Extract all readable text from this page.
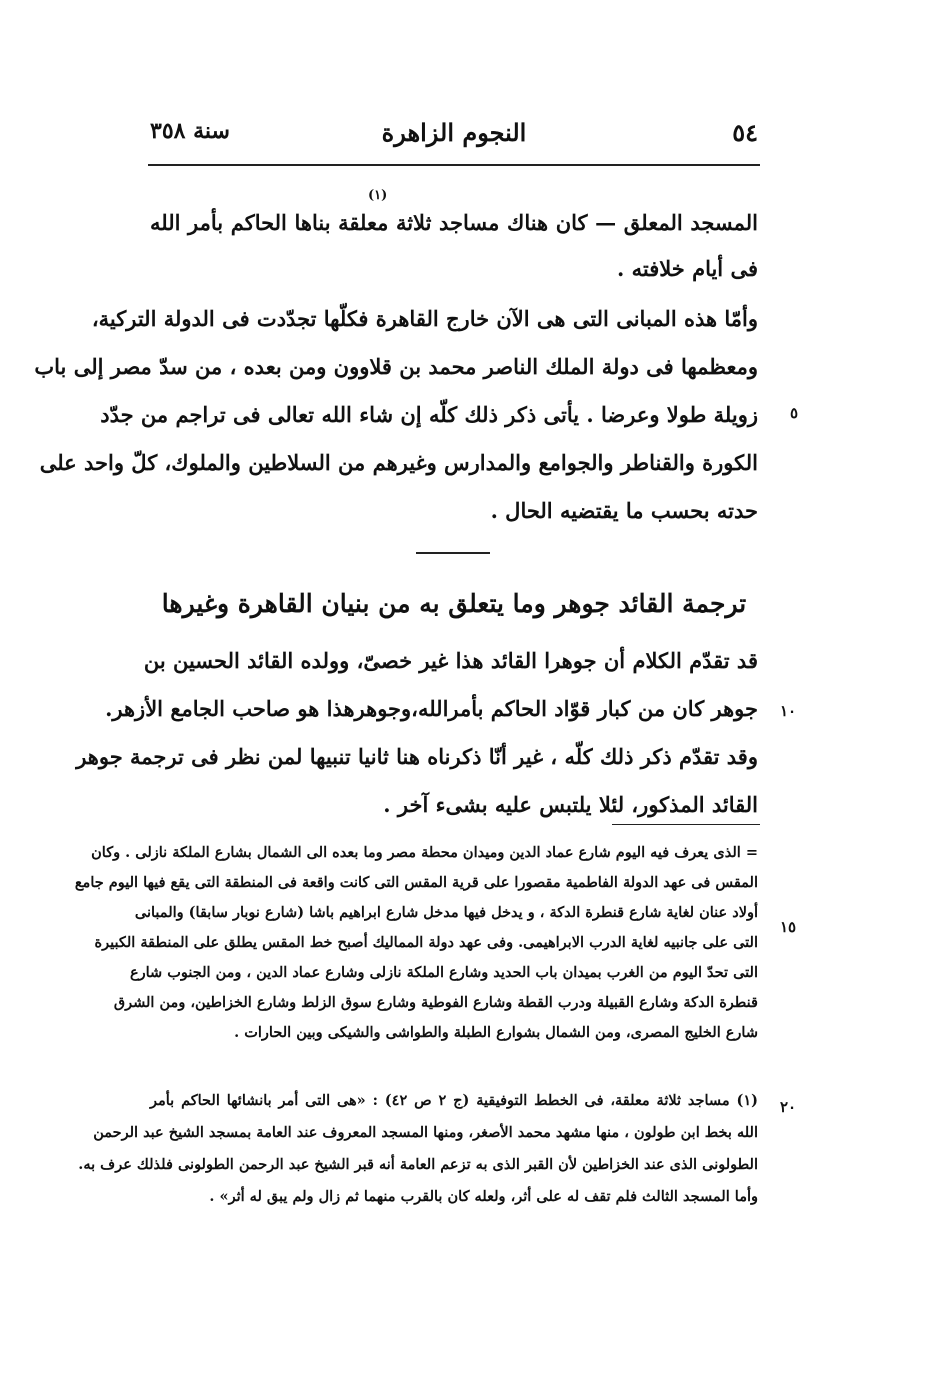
٥٤
النجوم الزاهرة
سنة ٣٥٨
(١)
المسجد المعلق — كان هناك مساجد ثلاثة معلقة بناها الحاكم بأمر الله
فى أيام خلافته .
وأمّا هذه المبانى التى هى الآن خارج القاهرة فكلّها تجدّدت فى الدولة التركية،
ومعظمها فى دولة الملك الناصر محمد بن قلاوون ومن بعده ، من سدّ مصر إلى باب
زويلة طولا وعرضا . يأتى ذكر ذلك كلّه إن شاء الله تعالى فى تراجم من جدّد
الكورة والقناطر والجوامع والمدارس وغيرهم من السلاطين والملوك، كلّ واحد على
حدته بحسب ما يقتضيه الحال .
ترجمة القائد جوهر وما يتعلق به من بنيان القاهرة وغيرها
قد تقدّم الكلام أن جوهرا القائد هذا غير خصىّ، وولده القائد الحسين بن
جوهر كان من كبار قوّاد الحاكم بأمرالله،وجوهرهذا هو صاحب الجامع الأزهر.
وقد تقدّم ذكر ذلك كلّه ، غير أنّا ذكرناه هنا ثانيا تنبيها لمن نظر فى ترجمة جوهر
القائد المذكور، لئلا يلتبس عليه بشىء آخر .
= الذى يعرف فيه اليوم شارع عماد الدين وميدان محطة مصر وما بعده الى الشمال بشارع الملكة نازلى . وكان
المقس فى عهد الدولة الفاطمية مقصورا على قرية المقس التى كانت واقعة فى المنطقة التى يقع فيها اليوم جامع
أولاد عنان لغاية شارع قنطرة الدكة ، و يدخل فيها مدخل شارع ابراهيم باشا (شارع نوبار سابقا) والمبانى
التى على جانبيه لغاية الدرب الابراهيمى. وفى عهد دولة المماليك أصبح خط المقس يطلق على المنطقة الكبيرة
التى تحدّ اليوم من الغرب بميدان باب الحديد وشارع الملكة نازلى وشارع عماد الدين ، ومن الجنوب شارع
قنطرة الدكة وشارع القبيلة ودرب القطة وشارع الفوطية وشارع سوق الزلط وشارع الخزاطين، ومن الشرق
شارع الخليج المصرى، ومن الشمال بشوارع الطبلة والطواشى والشيكى وبين الحارات .
(١) مساجد ثلاثة معلقة، فى الخطط التوفيقية (ج ٢ ص ٤٢) : «هى التى أمر بانشائها الحاكم بأمر
الله بخط ابن طولون ، منها مشهد محمد الأصغر، ومنها المسجد المعروف عند العامة بمسجد الشيخ عبد الرحمن
الطولونى الذى عند الخزاطين لأن القبر الذى به تزعم العامة أنه قبر الشيخ عبد الرحمن الطولونى فلذلك عرف به.
وأما المسجد الثالث فلم تقف له على أثر، ولعله كان بالقرب منهما ثم زال ولم يبق له أثر» .
٥
١٠
١٥
٢٠
